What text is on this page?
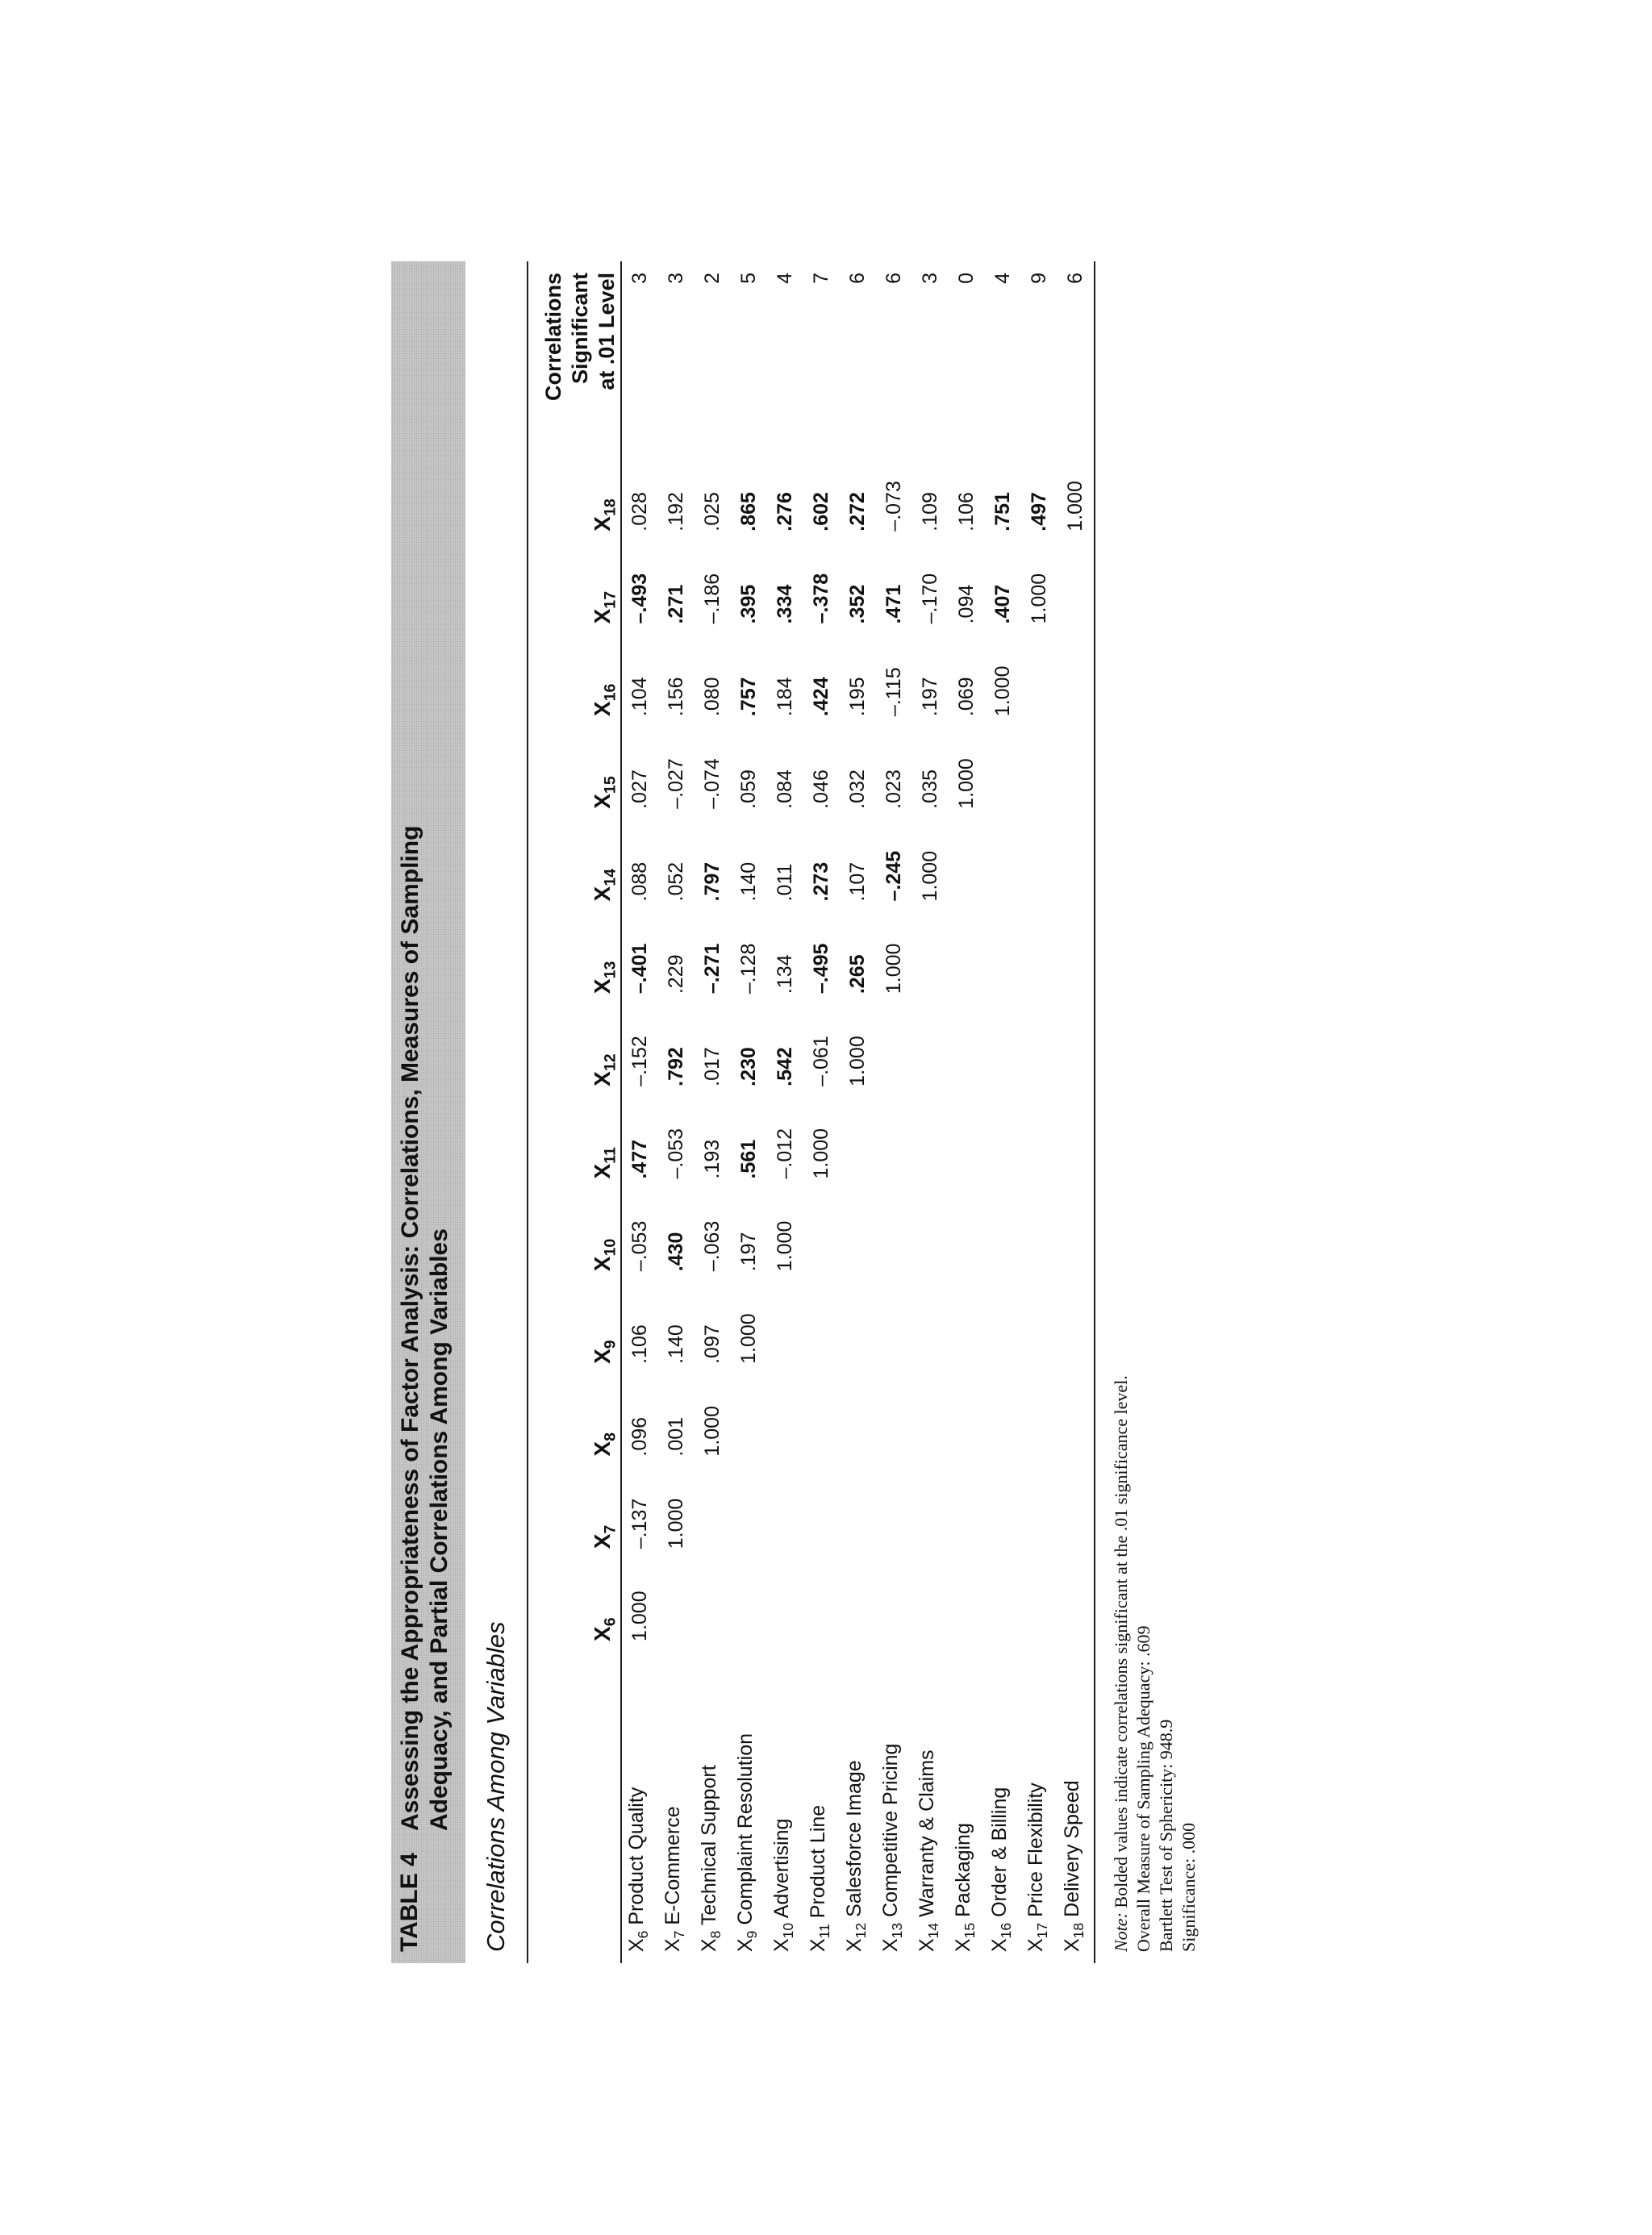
TABLE 4
Assessing the Appropriateness of Factor Analysis: Correlations, Measures of Sampling Adequacy, and Partial Correlations Among Variables Correlations Among Variables
		$X_6$	$X_7$	$X_8$	$X_9$	$X_{10}$	$X_{11}$	$X_{12}$	$X_{13}$	$X_{14}$	$X_{15}$	$X_{16}$	$X_{17}$	$X_{18}$	Correlations Significant at .01 Level

$X_6$ Product Quality	1.000	–.137	.096	.106	–.053	.477	–.152	–.401	.088	.027	.104	–.493	.028	3
$X_7$ E-Commerce		1.000	.001	.140	.430	–.053	.792	.229	.052	–.027	.156	.271	.192	3
$X_8$ Technical Support			1.000	.097	–.063	.193	.017	–.271	.797	–.074	.080	–.186	.025	2
$X_9$ Complaint Resolution				1.000	.197	.561	.230	–.128	.140	.059	.757	.395	.865	5
$X_{10}$ Advertising					1.000	–.012	.542	.134	.011	.084	.184	.334	.276	4
$X_{11}$ Product Line						1.000	–.061	–.495	.273	.046	.424	–.378	.602	7
$X_{12}$ Salesforce Image							1.000	.265	.107	.032	.195	.352	.272	6
$X_{13}$ Competitive Pricing								1.000	–.245	.023	–.115	.471	–.073	6
$X_{14}$ Warranty & Claims									1.000	.035	.197	–.170	.109	3
$X_{15}$ Packaging										1.000	.069	.094	.106	0
$X_{16}$ Order & Billing											1.000	.407	.751	4
$X_{17}$ Price Flexibility												1.000	.497	9
$X_{18}$ Delivery Speed													1.000	6
Note: Bolded values indicate correlations significant at the .01 significance level. Overall Measure of Sampling Adequacy: .609 Bartlett Test of Sphericity: 948.9 Significance: .000
